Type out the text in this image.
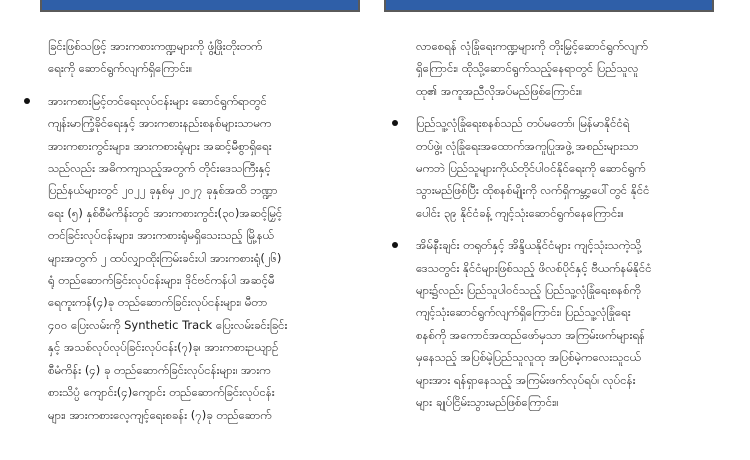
ခြင်းဖြစ်သဖြင့် အားကစားကဏ္ဍများကို ဖွံ့ဖြိုးတိုးတက်
ရေးကို ဆောင်ရွက်လျက်ရှိကြောင်း။
အားကစားမြင့်တင်ရေးလုပ်ငန်းများ ဆောင်ရွက်ရာတွင်
ကျန်းမာကြံ့ခိုင်ရေးနှင့် အားကစားနည်းစနစ်များသာမက
အားကစားကွင်းများ၊ အားကစားရုံများ အဆင့်မီစွာရှိရေး
သည်လည်း အဓိကကျသည့်အတွက် တိုင်းဒေသကြီးနှင့်
ပြည်နယ်များတွင် ၂၀၂၂ ခုနှစ်မှ ၂၀၂၇ ခုနှစ်အထိ ဘဏ္ဍာ
ရေး (၅) နှစ်စီမံကိန်းတွင် အားကစားကွင်း(၃၀)အဆင့်မြှင့်
တင်ခြင်းလုပ်ငန်းများ၊ အားကစားရုံမရှိသေးသည့် မြို့နယ်
များအတွက် ၂ ထပ်လျှာထိုးကြမ်းခင်းပါ အားကစားရုံ(၂၆)
ရုံ တည်ဆောက်ခြင်းလုပ်ငန်းများ၊ ဒိုင်ဗင်ကန်ပါ အဆင့်မီ
ရေကူးကန်(၄)ခု တည်ဆောက်ခြင်းလုပ်ငန်းများ၊ မီတာ
၄၀၀ ပြေးလမ်းကို Synthetic Track ပြေးလမ်းခင်းခြင်း
နှင့် အသစ်လုပ်လုပ်ခြင်းလုပ်ငန်း(၇)ခု၊ အားကစားဥယျာဉ်
စီမံကိန်း (၄) ခု တည်ဆောက်ခြင်းလုပ်ငန်းများ၊ အားက
စားသိပ္ပံ ကျောင်း(၄)ကျောင်း တည်ဆောက်ခြင်းလုပ်ငန်း
များ၊ အားကစားလေ့ကျင့်ရေးစခန်း (၇)ခု တည်ဆောက်
လာစေရန် လုံခြုံရေးကဏ္ဍများကို တိုးမြှင့်ဆောင်ရွက်လျက်
ရှိကြောင်း၊ ထိုသို့ဆောင်ရွက်သည့်နေရာတွင် ပြည်သူလူ
ထု၏ အကူအညီလိုအပ်မည်ဖြစ်ကြောင်း။
ပြည်သူ့လုံခြုံရေးစနစ်သည် တပ်မတော်၊ မြန်မာနိုင်ငံရဲ
တပ်ဖွဲ့၊ လုံခြုံရေးအထောက်အကူပြုအဖွဲ့ အစည်းများသာ
မကဘဲ ပြည်သူများကိုယ်တိုင်ပါဝင်နိုင်ရေးကို ဆောင်ရွက်
သွားမည်ဖြစ်ပြီး ထိုစနစ်မျိုးကို လက်ရှိကမ္ဘာ့ပေါ်တွင် နိုင်ငံ
ပေါင်း ၃၉ နိုင်ငံခန့် ကျင့်သုံးဆောင်ရွက်နေကြောင်း။
အိမ်နီးချင်း တရုတ်နှင့် အိန္ဒိယနိုင်ငံများ ကျင့်သုံးသကဲ့သို့
ဒေသတွင်း နိုင်ငံများဖြစ်သည့် ဖိလစ်ပိုင်နှင့် ဗီယက်နမ်နိုင်ငံ
များ၌လည်း ပြည်သူပါဝင်သည့် ပြည်သူ့လုံခြုံရေးစနစ်ကို
ကျင့်သုံးဆောင်ရွက်လျက်ရှိကြောင်း၊ ပြည်သူ့လုံခြုံရေး
စနစ်ကို အကောင်အထည်ဖော်မှသာ အကြမ်းဖက်များရန်
မှနေသည့် အပြစ်မဲ့ပြည်သူလူထု အပြစ်မဲ့ကလေးသူငယ်
များအား ရန်ရှာနေသည့် အကြမ်းဖက်လုပ်ရပ်၊ လုပ်ငန်း
များ ချုပ်ငြိမ်းသွားမည်ဖြစ်ကြောင်း။
